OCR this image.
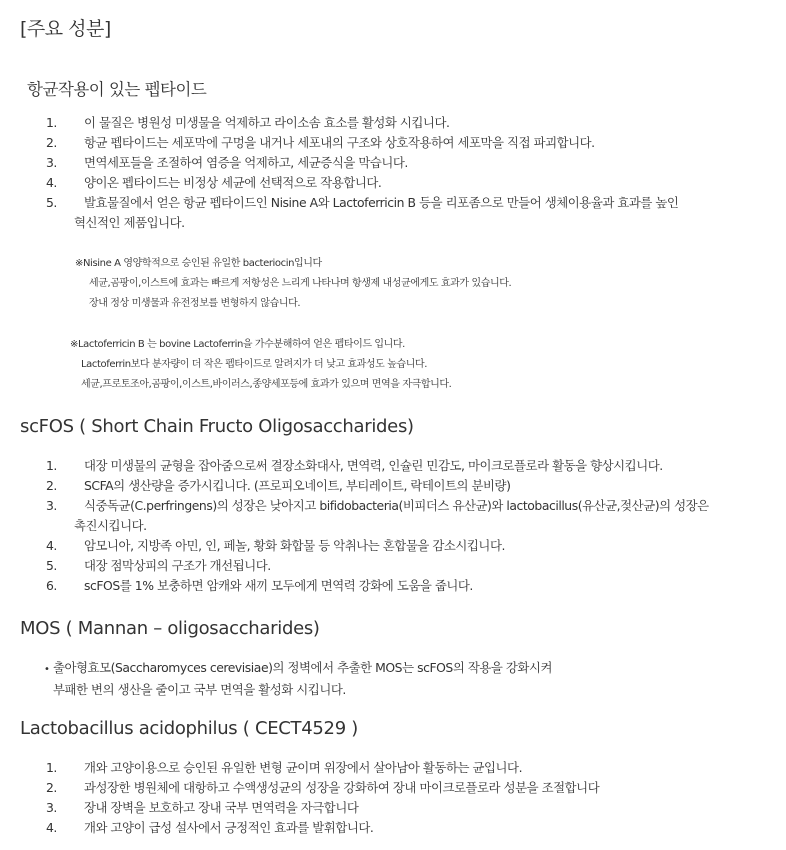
[주요 성분]
항균작용이 있는 펩타이드
1.	이 물질은 병원성 미생물을 억제하고 라이소솜 효소를 활성화 시킵니다.
2.	항균 펩타이드는 세포막에 구멍을 내거나 세포내의 구조와 상호작용하여 세포막을 직접 파괴합니다.
3.	면역세포들을 조절하여 염증을 억제하고, 세균증식을 막습니다.
4.	양이온 펩타이드는 비정상 세균에 선택적으로 작용합니다.
5.	발효물질에서 얻은 항균 펩타이드인 Nisine A와 Lactoferricin B 등을 리포좀으로 만들어 생체이용율과 효과를 높인
혁신적인 제품입니다.
※Nisine A 영양학적으로 승인된 유일한 bacteriocin입니다
세균,곰팡이,이스트에 효과는 빠르게 저항성은 느리게 나타나며 항생제 내성균에게도 효과가 있습니다.
장내 정상 미생물과 유전정보를 변형하지 않습니다.
※Lactoferricin B 는 bovine Lactoferrin을 가수분해하여 얻은 펩타이드 입니다.
Lactoferrin보다 분자량이 더 작은 펩타이드로 알려지가 더 낮고 효과성도 높습니다.
세균,프로토조아,곰팡이,이스트,바이러스,종양세포등에 효과가 있으며 면역을 자극합니다.
scFOS ( Short Chain Fructo Oligosaccharides)
1.	대장 미생물의 균형을 잡아줌으로써 결장소화대사, 면역력, 인슐린 민감도, 마이크로플로라 활동을 향상시킵니다.
2.	SCFA의 생산량을 증가시킵니다. (프로피오네이트, 부티레이트, 락테이트의 분비량)
3.	식중독균(C.perfringens)의 성장은 낮아지고 bifidobacteria(비피더스 유산균)와 lactobacillus(유산균,젖산균)의 성장은
촉진시킵니다.
4.	암모니아, 지방족 아민, 인, 페놀, 황화 화합물 등 악취나는 혼합물을 감소시킵니다.
5.	대장 점막상피의 구조가 개선됩니다.
6.	scFOS를 1% 보충하면 암캐와 새끼 모두에게 면역력 강화에 도움을 줍니다.
MOS ( Mannan – oligosaccharides)
• 출아형효모(Saccharomyces cerevisiae)의 정벽에서 추출한 MOS는 scFOS의 작용을 강화시켜
부패한 변의 생산을 줄이고 국부 면역을 활성화 시킵니다.
Lactobacillus acidophilus ( CECT4529 )
1.	개와 고양이용으로 승인된 유일한 변형 균이며 위장에서 살아남아 활동하는 균입니다.
2.	과성장한 병원체에 대항하고 수액생성균의 성장을 강화하여 장내 마이크로플로라 성분을 조절합니다
3.	장내 장벽을 보호하고 장내 국부 면역력을 자극합니다
4.	개와 고양이 급성 설사에서 긍정적인 효과를 발휘합니다.
